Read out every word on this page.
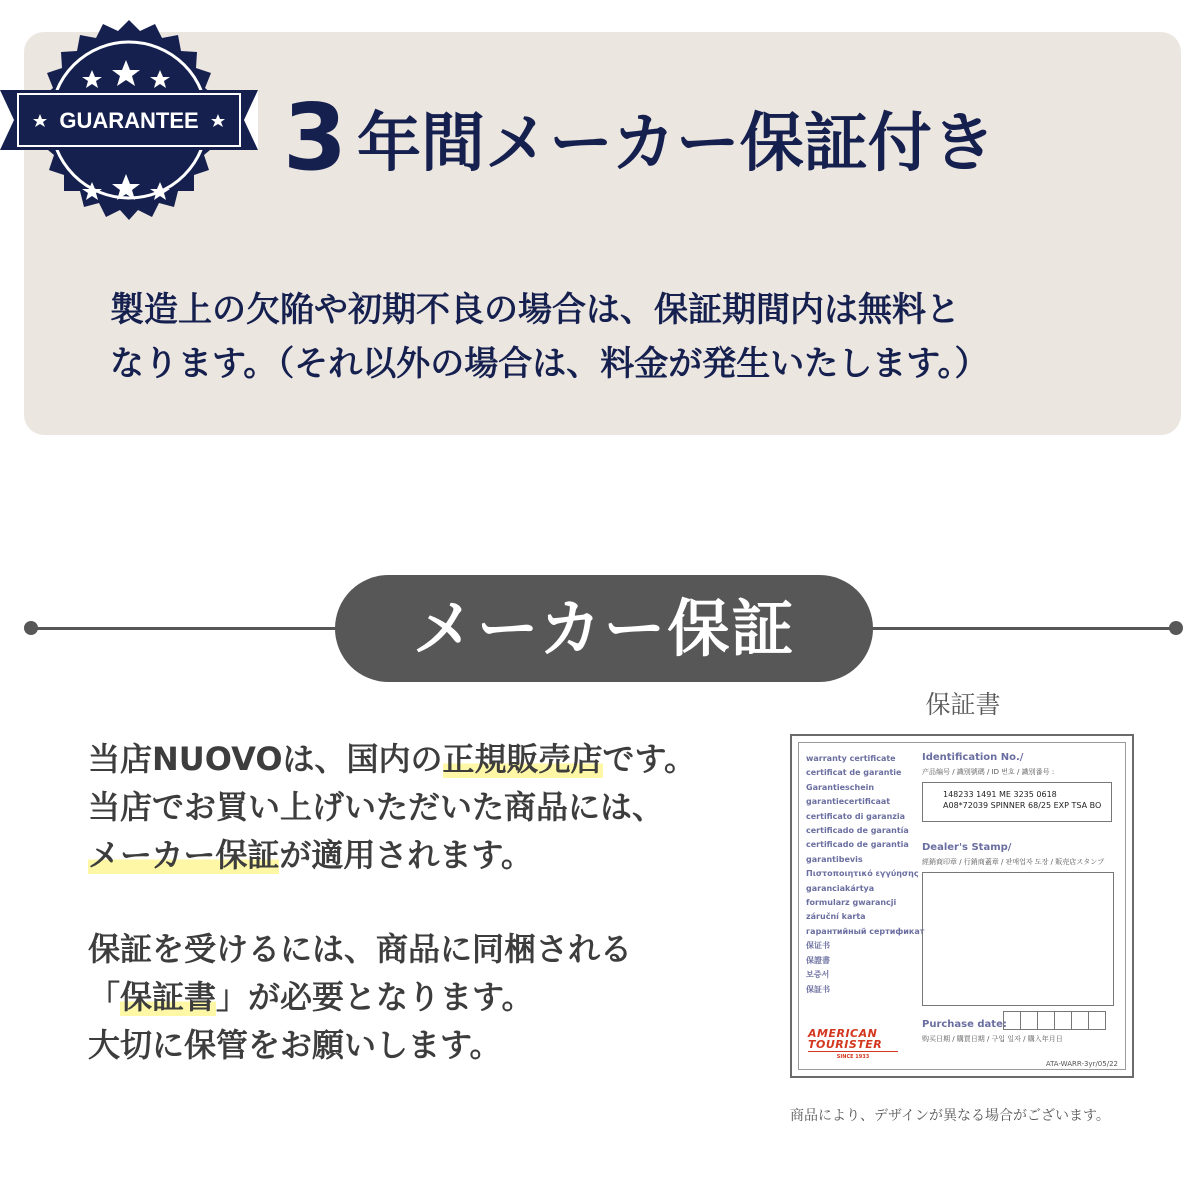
GUARANTEE 3 年間メーカー保証付き

製造上の欠陥や初期不良の場合は、保証期間内は無料と
なります。（それ以外の場合は、料金が発生いたします。）

メーカー保証

当店NUOVOは、国内の正規販売店です。
当店でお買い上げいただいた商品には、
メーカー保証が適用されます。
保証を受けるには、商品に同梱される
「保証書」が必要となります。
大切に保管をお願いします。

保証書
warranty certificate
certificat de garantie
Garantieschein
garantiecertificaat
certificato di garanzia
certificado de garantía
certificado de garantia
garantibevis
Πιστοποιητικό εγγύησης
garanciakártya
formularz gwarancji
záruční karta
гарантийный сертификат
保证书
保證書
보증서
保証书
Identification No./
产品编号 / 識別號碼 / ID 번호 / 識別番号 :
148233 1491 ME 3235 0618
A08*72039 SPINNER 68/25 EXP TSA BO
Dealer's Stamp/
經銷商印章 / 行銷商蓋章 / 판매업자 도장 / 販売店スタンプ
AMERICAN
TOURISTER
SINCE 1933
Purchase date:
购买日期 / 購買日期 / 구입 일자 / 購入年月日
ATA-WARR-3yr/05/22
商品により、デザインが異なる場合がございます。
